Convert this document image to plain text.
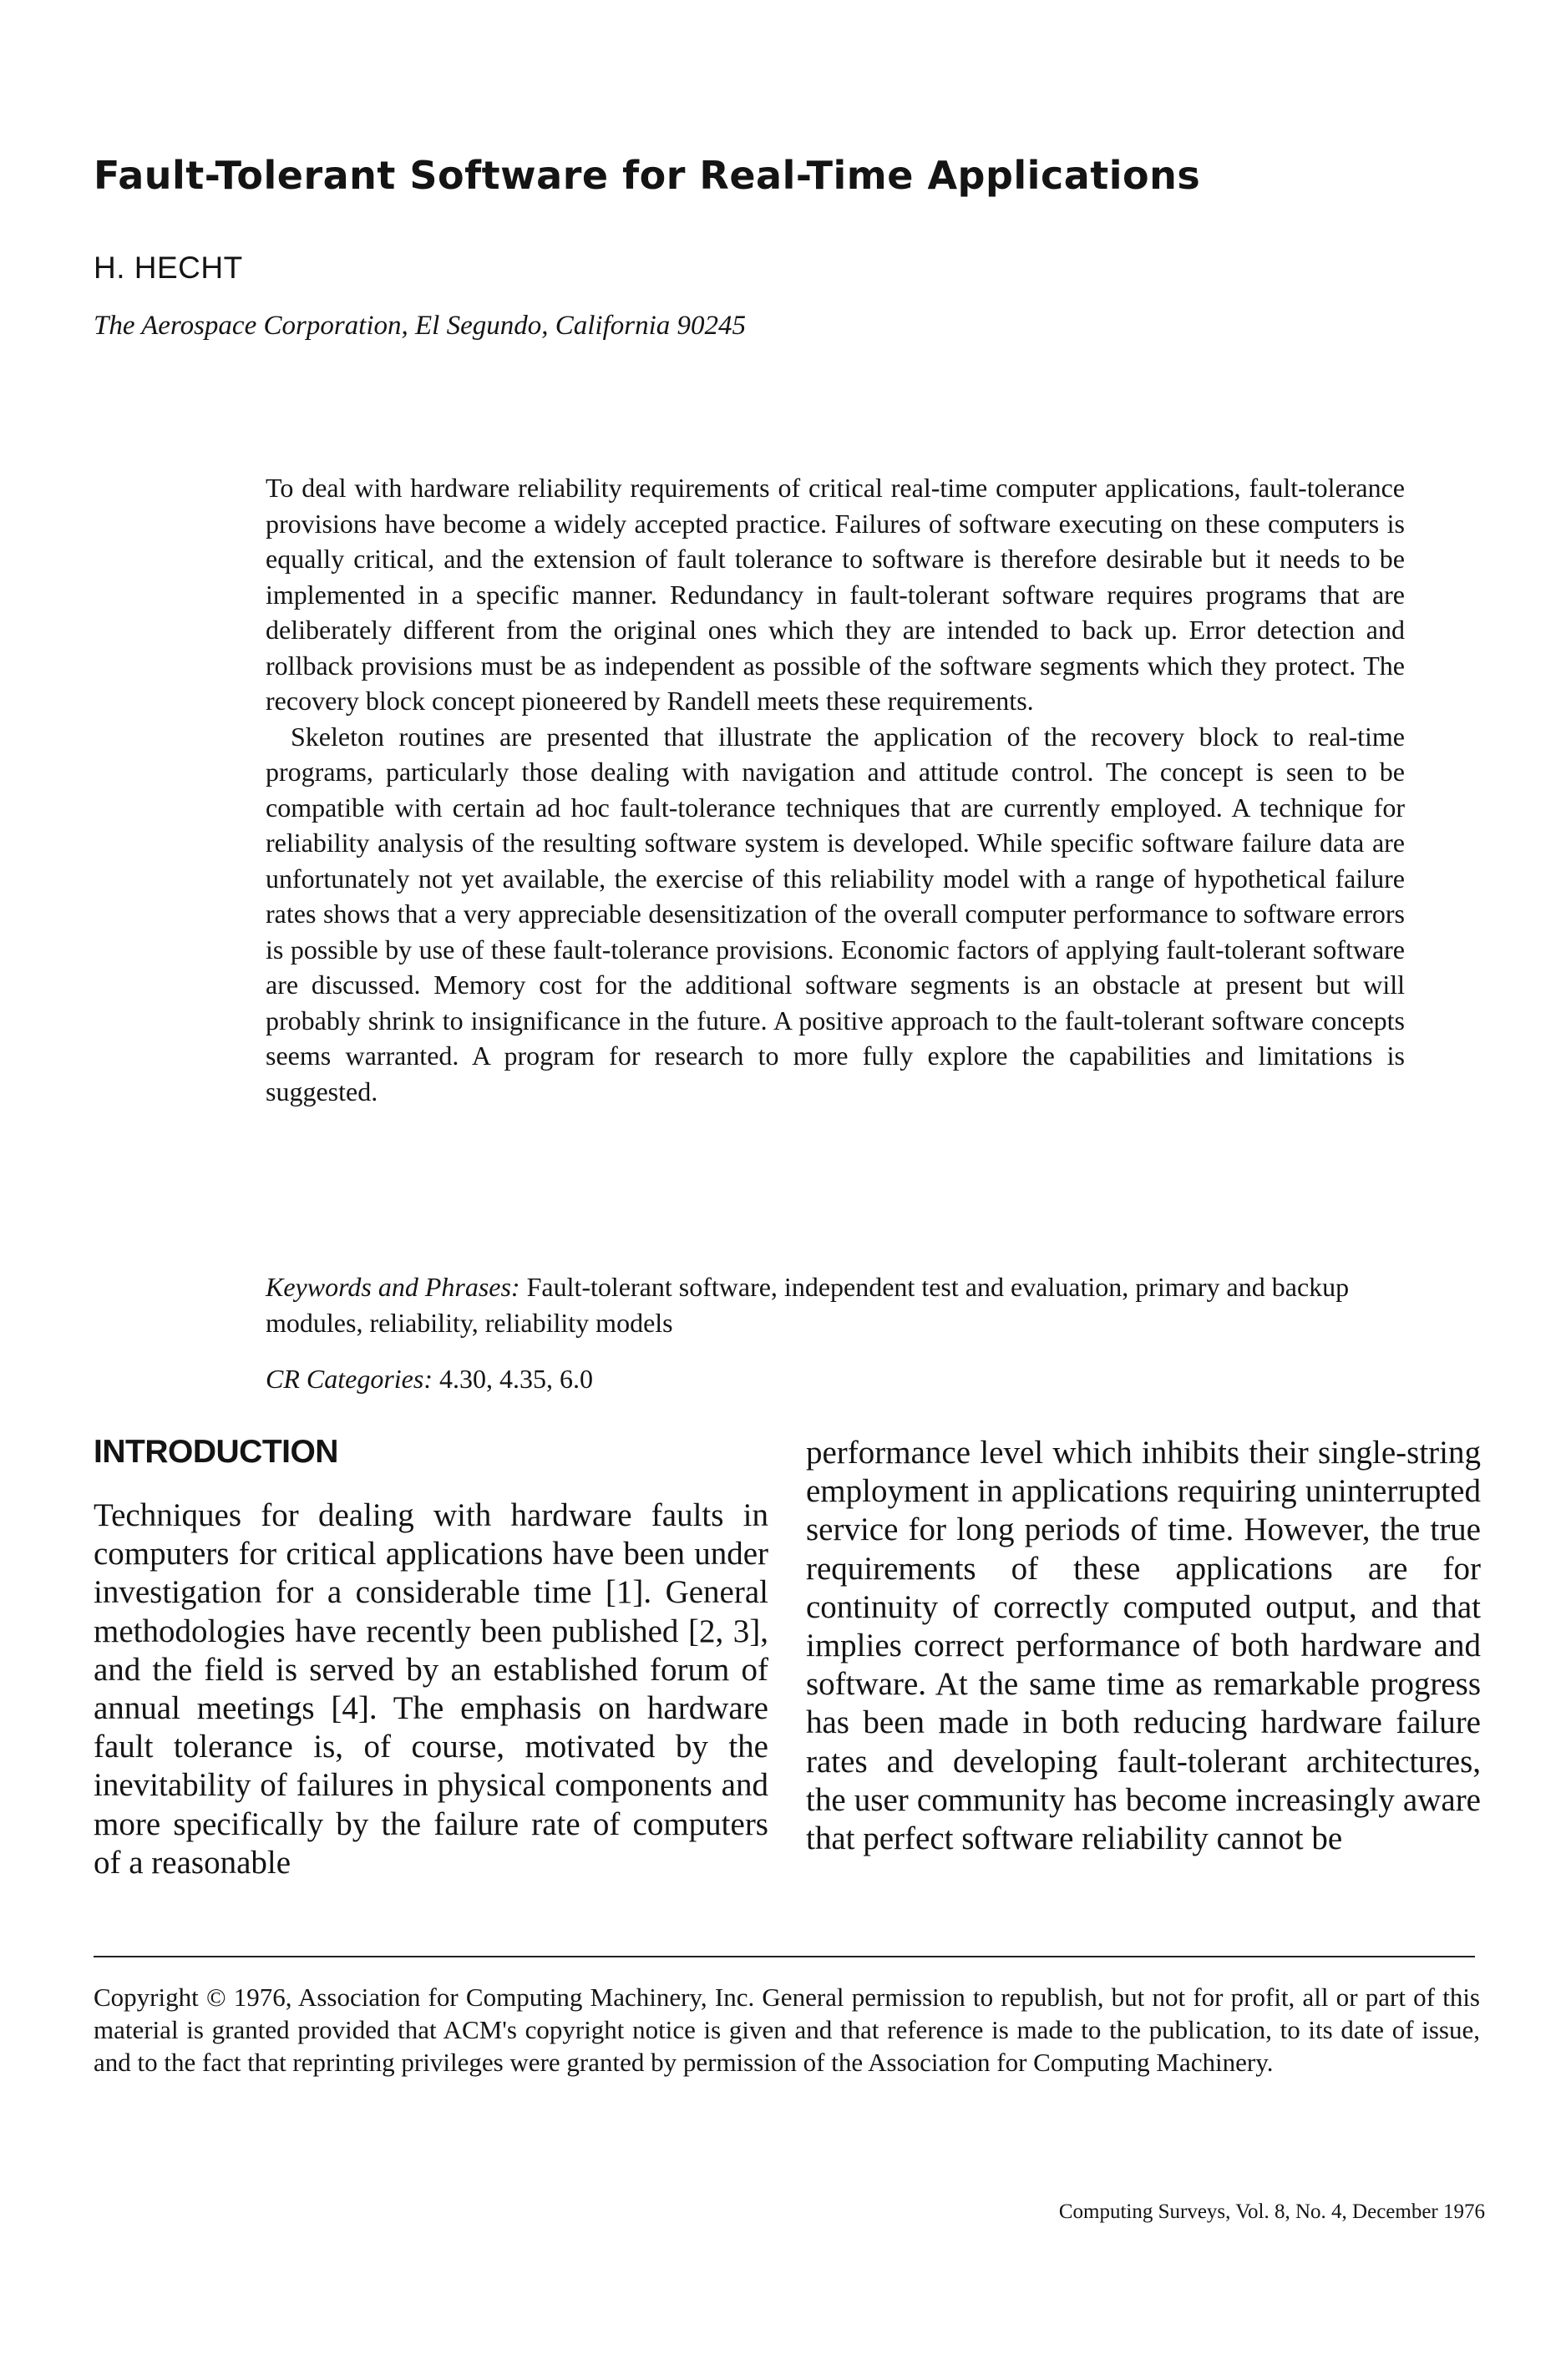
Fault-Tolerant Software for Real-Time Applications

H. HECHT

The Aerospace Corporation, El Segundo, California 90245

To deal with hardware reliability requirements of critical real-time computer applications, fault-tolerance provisions have become a widely accepted practice. Failures of software executing on these computers is equally critical, and the extension of fault tolerance to software is therefore desirable but it needs to be implemented in a specific manner. Redundancy in fault-tolerant software requires programs that are deliberately different from the original ones which they are intended to back up. Error detection and rollback provisions must be as independent as possible of the software segments which they protect. The recovery block concept pioneered by Randell meets these requirements.

Skeleton routines are presented that illustrate the application of the recovery block to real-time programs, particularly those dealing with navigation and attitude control. The concept is seen to be compatible with certain ad hoc fault-tolerance techniques that are currently employed. A technique for reliability analysis of the resulting software system is developed. While specific software failure data are unfortunately not yet available, the exercise of this reliability model with a range of hypothetical failure rates shows that a very appreciable desensitization of the overall computer performance to software errors is possible by use of these fault-tolerance provisions. Economic factors of applying fault-tolerant software are discussed. Memory cost for the additional software segments is an obstacle at present but will probably shrink to insignificance in the future. A positive approach to the fault-tolerant software concepts seems warranted. A program for research to more fully explore the capabilities and limitations is suggested.

Keywords and Phrases: Fault-tolerant software, independent test and evaluation, primary and backup modules, reliability, reliability models

CR Categories: 4.30, 4.35, 6.0

INTRODUCTION

Techniques for dealing with hardware faults in computers for critical applications have been under investigation for a considerable time [1]. General methodologies have recently been published [2, 3], and the field is served by an established forum of annual meetings [4]. The emphasis on hardware fault tolerance is, of course, motivated by the inevitability of failures in physical components and more specifically by the failure rate of computers of a reasonable

performance level which inhibits their single-string employment in applications requiring uninterrupted service for long periods of time. However, the true requirements of these applications are for continuity of correctly computed output, and that implies correct performance of both hardware and software. At the same time as remarkable progress has been made in both reducing hardware failure rates and developing fault-tolerant architectures, the user community has become increasingly aware that perfect software reliability cannot be

Copyright © 1976, Association for Computing Machinery, Inc. General permission to republish, but not for profit, all or part of this material is granted provided that ACM's copyright notice is given and that reference is made to the publication, to its date of issue, and to the fact that reprinting privileges were granted by permission of the Association for Computing Machinery.

Computing Surveys, Vol. 8, No. 4, December 1976
